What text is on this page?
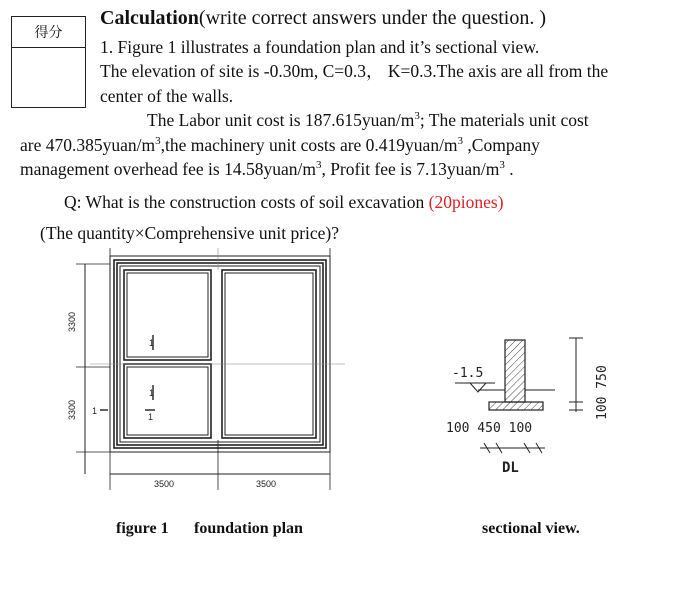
得分
Calculation(write correct answers under the question. )
1. Figure 1 illustrates a foundation plan and it’s sectional view.
The elevation of site is -0.30m, C=0.3， K=0.3.The axis are all from the
center of the walls.
The Labor unit cost is $187.615yuan/m^3$; The materials unit cost
are $470.385yuan/m^3,the$ machinery unit costs are $0.419yuan/m^3$ ,Company
management overhead fee is $14.58yuan/m^3$, Profit fee is $7.13yuan/m^3$ .
Q: What is the construction costs of soil excavation (20piones)
(The quantity×Comprehensive unit price)?
3300
3300
3500	3500
1
1
1
1
-1.5
100 450 100
100 750
DL
figure 1 foundation plan	sectional view.
